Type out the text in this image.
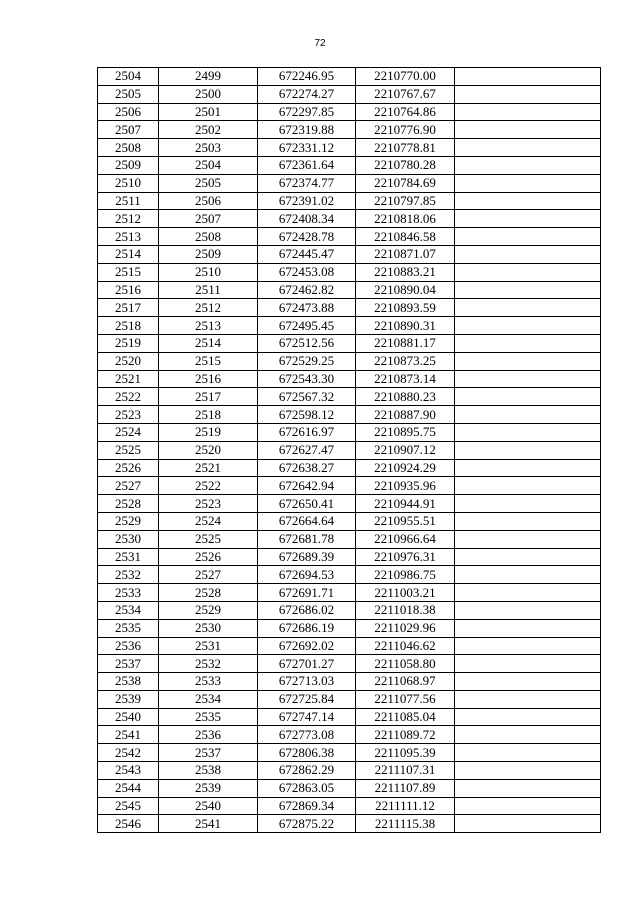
72
2504	2499	672246.95	2210770.00	
2505	2500	672274.27	2210767.67	
2506	2501	672297.85	2210764.86	
2507	2502	672319.88	2210776.90	
2508	2503	672331.12	2210778.81	
2509	2504	672361.64	2210780.28	
2510	2505	672374.77	2210784.69	
2511	2506	672391.02	2210797.85	
2512	2507	672408.34	2210818.06	
2513	2508	672428.78	2210846.58	
2514	2509	672445.47	2210871.07	
2515	2510	672453.08	2210883.21	
2516	2511	672462.82	2210890.04	
2517	2512	672473.88	2210893.59	
2518	2513	672495.45	2210890.31	
2519	2514	672512.56	2210881.17	
2520	2515	672529.25	2210873.25	
2521	2516	672543.30	2210873.14	
2522	2517	672567.32	2210880.23	
2523	2518	672598.12	2210887.90	
2524	2519	672616.97	2210895.75	
2525	2520	672627.47	2210907.12	
2526	2521	672638.27	2210924.29	
2527	2522	672642.94	2210935.96	
2528	2523	672650.41	2210944.91	
2529	2524	672664.64	2210955.51	
2530	2525	672681.78	2210966.64	
2531	2526	672689.39	2210976.31	
2532	2527	672694.53	2210986.75	
2533	2528	672691.71	2211003.21	
2534	2529	672686.02	2211018.38	
2535	2530	672686.19	2211029.96	
2536	2531	672692.02	2211046.62	
2537	2532	672701.27	2211058.80	
2538	2533	672713.03	2211068.97	
2539	2534	672725.84	2211077.56	
2540	2535	672747.14	2211085.04	
2541	2536	672773.08	2211089.72	
2542	2537	672806.38	2211095.39	
2543	2538	672862.29	2211107.31	
2544	2539	672863.05	2211107.89	
2545	2540	672869.34	2211111.12	
2546	2541	672875.22	2211115.38	
